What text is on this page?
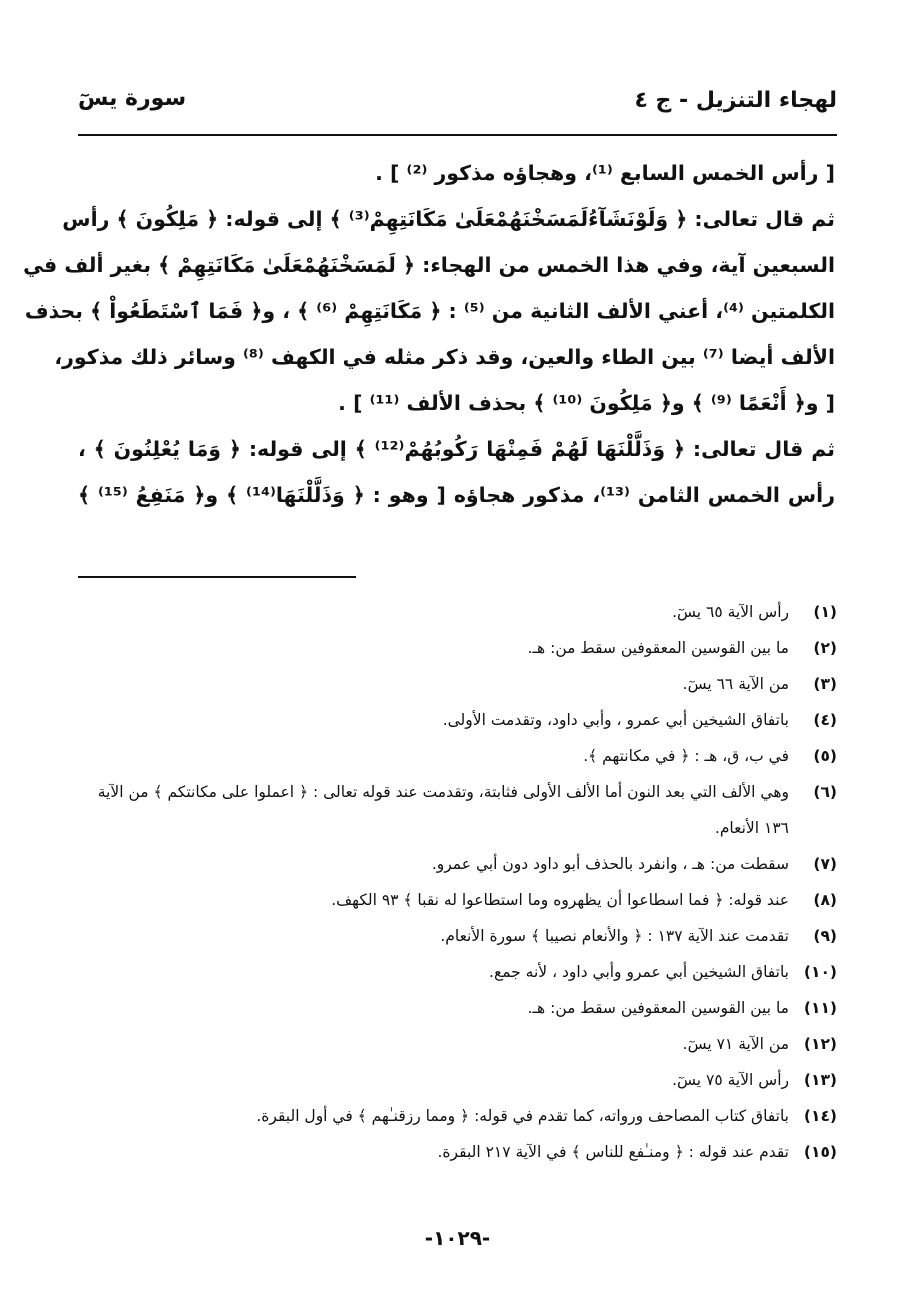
لهجاء التنزيل - ج ٤
سورة يسٓ
[ رأس الخمس السابع ⁽¹⁾، وهجاؤه مذكور ⁽²⁾ ] .
ثم قال تعالى: ﴿ وَلَوْنَشَآءُلَمَسَخْنَهُمْعَلَىٰ مَكَانَتِهِمْ⁽³⁾ ﴾ إلى قوله: ﴿ مَلِكُونَ ﴾ رأس
السبعين آية، وفي هذا الخمس من الهجاء: ﴿ لَمَسَخْنَهُمْعَلَىٰ مَكَانَتِهِمْ ﴾ بغير ألف في
الكلمتين ⁽⁴⁾، أعني الألف الثانية من ⁽⁵⁾ : ﴿ مَكَانَتِهِمْ ⁽⁶⁾ ﴾ ، و﴿ فَمَا ٱسْتَطَعُواْ ﴾ بحذف
الألف أيضا ⁽⁷⁾ بين الطاء والعين، وقد ذكر مثله في الكهف ⁽⁸⁾ وسائر ذلك مذكور،
[ و﴿ أَنْعَمًا ⁽⁹⁾ ﴾ و﴿ مَلِكُونَ ⁽¹⁰⁾ ﴾ بحذف الألف ⁽¹¹⁾ ] .
ثم قال تعالى: ﴿ وَذَلَّلْنَهَا لَهُمْ فَمِنْهَا رَكُوبُهُمْ⁽¹²⁾ ﴾ إلى قوله: ﴿ وَمَا يُعْلِنُونَ ﴾ ،
رأس الخمس الثامن ⁽¹³⁾، مذكور هجاؤه [ وهو : ﴿ وَذَلَّلْنَهَا⁽¹⁴⁾ ﴾ و﴿ مَنَفِعُ ⁽¹⁵⁾ ﴾
(١)
رأس الآية ٦٥ يسٓ.
(٢)
ما بين القوسين المعقوفين سقط من: هـ.
(٣)
من الآية ٦٦ يسٓ.
(٤)
باتفاق الشيخين أبي عمرو ، وأبي داود، وتقدمت الأولى.
(٥)
في ب، ق، هـ : ﴿ في مكانتهم ﴾.
(٦)
وهي الألف التي بعد النون أما الألف الأولى فثابتة، وتقدمت عند قوله تعالى : ﴿ اعملوا على مكانتكم ﴾ من الآية ١٣٦ الأنعام.
(٧)
سقطت من: هـ ، وانفرد بالحذف أبو داود دون أبي عمرو.
(٨)
عند قوله: ﴿ فما اسطاعوا أن يظهروه وما استطاعوا له نقبا ﴾ ٩٣ الكهف.
(٩)
تقدمت عند الآية ١٣٧ : ﴿ والأنعام نصيبا ﴾ سورة الأنعام.
(١٠)
باتفاق الشيخين أبي عمرو وأبي داود ، لأنه جمع.
(١١)
ما بين القوسين المعقوفين سقط من: هـ.
(١٢)
من الآية ٧١ يسٓ.
(١٣)
رأس الآية ٧٥ يسٓ.
(١٤)
باتفاق كتاب المصاحف ورواته، كما تقدم في قوله: ﴿ ومما رزقنـٰهم ﴾ في أول البقرة.
(١٥)
تقدم عند قوله : ﴿ ومنـٰفع للناس ﴾ في الآية ٢١٧ البقرة.
-١٠٢٩-
